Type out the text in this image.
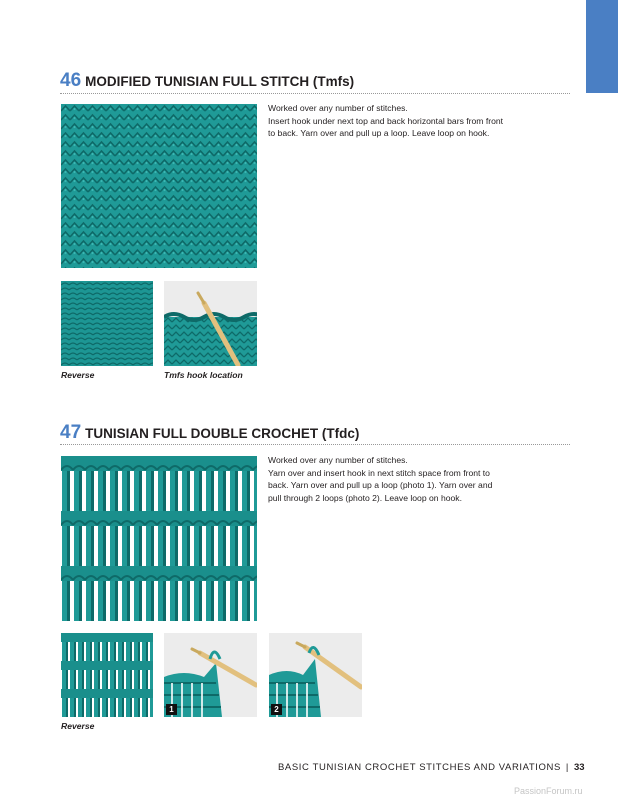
46 MODIFIED TUNISIAN FULL STITCH (Tmfs)

Worked over any number of stitches.

Insert hook under next top and back horizontal bars from front

to back. Yarn over and pull up a loop. Leave loop on hook.

Reverse	Tmfs hook location
47 TUNISIAN FULL DOUBLE CROCHET (Tfdc)

Worked over any number of stitches.

Yarn over and insert hook in next stitch space from front to

back. Yarn over and pull up a loop (photo 1). Yarn over and

pull through 2 loops (photo 2). Leave loop on hook.

1	2
Reverse
BASIC TUNISIAN CROCHET STITCHES AND VARIATIONS | 33
PassionForum.ru
